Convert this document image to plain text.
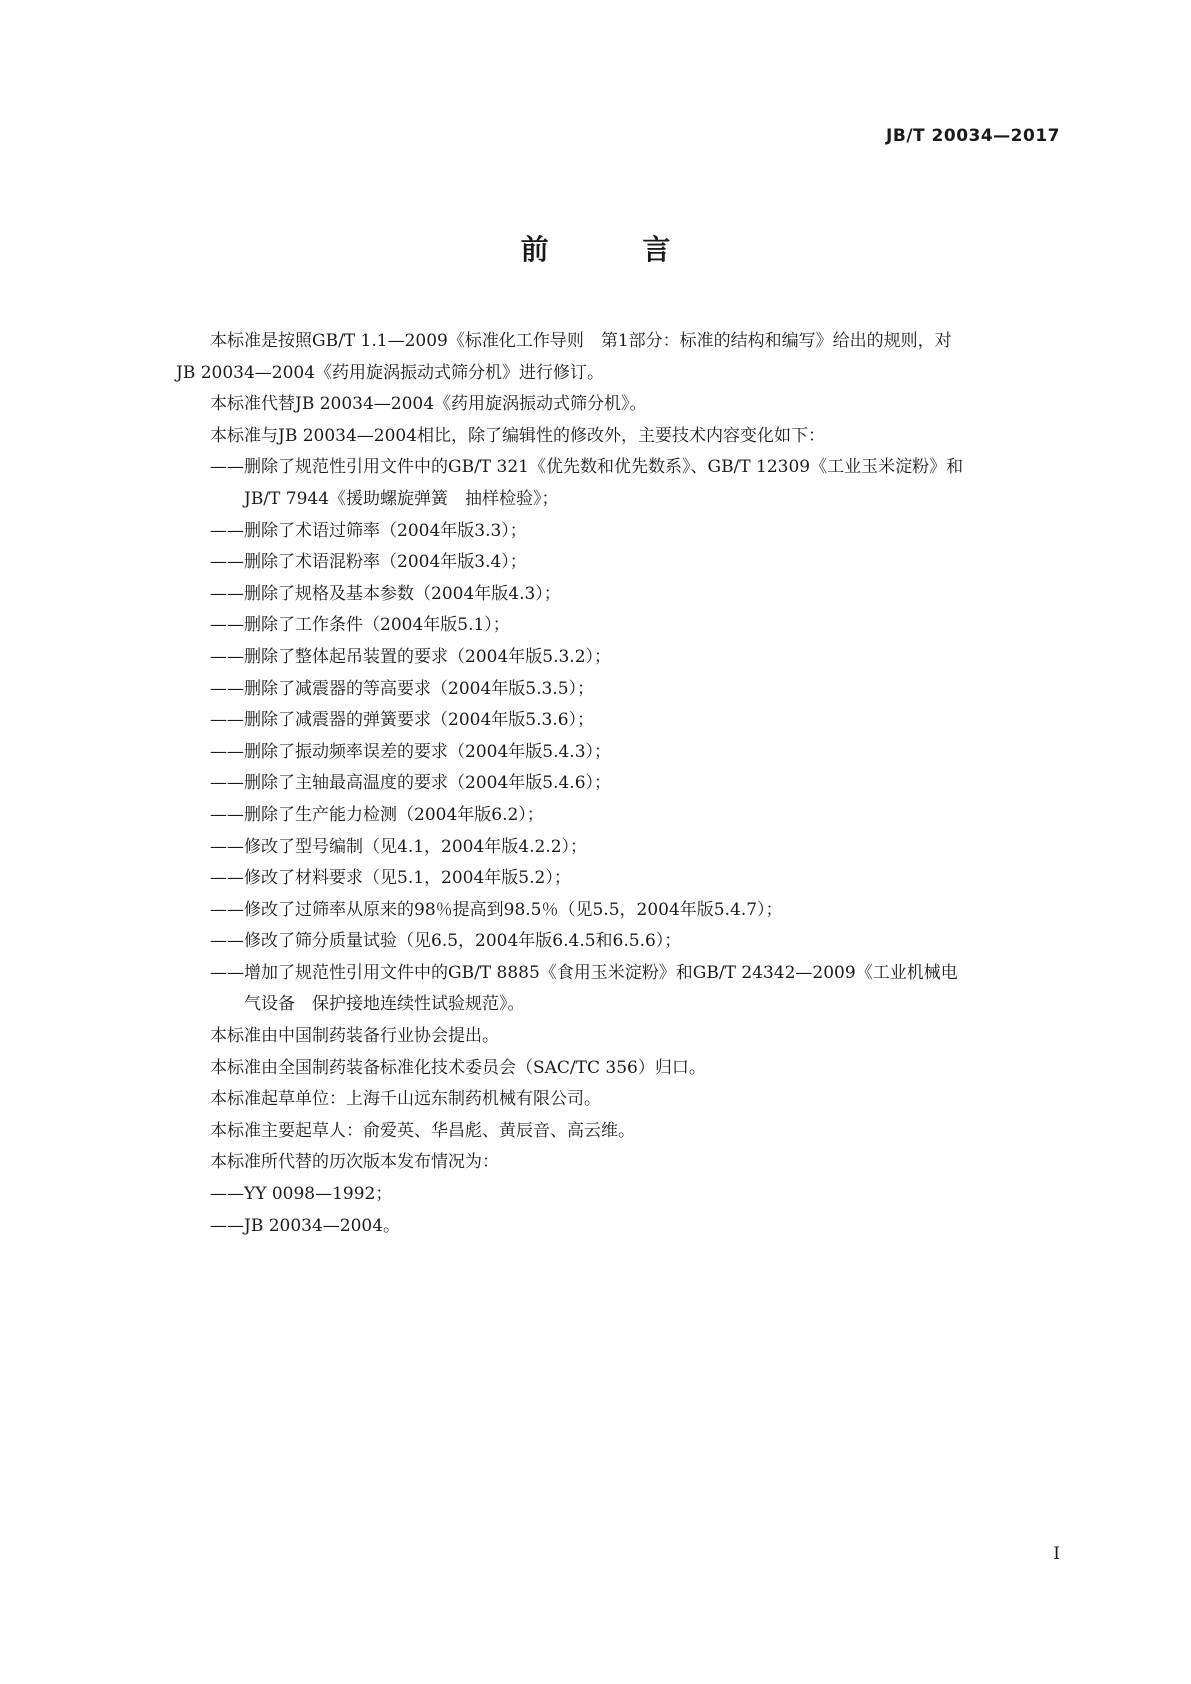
JB/T 20034—2017
前 言

本标准是按照GB/T 1.1—2009《标准化工作导则　第1部分：标准的结构和编写》给出的规则，对
JB 20034—2004《药用旋涡振动式筛分机》进行修订。

本标准代替JB 20034—2004《药用旋涡振动式筛分机》。

本标准与JB 20034—2004相比，除了编辑性的修改外，主要技术内容变化如下：

——删除了规范性引用文件中的GB/T 321《优先数和优先数系》、GB/T 12309《工业玉米淀粉》和
JB/T 7944《援助螺旋弹簧　抽样检验》；
——删除了术语过筛率（2004年版3.3）；
——删除了术语混粉率（2004年版3.4）；
——删除了规格及基本参数（2004年版4.3）；
——删除了工作条件（2004年版5.1）；
——删除了整体起吊装置的要求（2004年版5.3.2）；
——删除了减震器的等高要求（2004年版5.3.5）；
——删除了减震器的弹簧要求（2004年版5.3.6）；
——删除了振动频率误差的要求（2004年版5.4.3）；
——删除了主轴最高温度的要求（2004年版5.4.6）；
——删除了生产能力检测（2004年版6.2）；
——修改了型号编制（见4.1，2004年版4.2.2）；
——修改了材料要求（见5.1，2004年版5.2）；
——修改了过筛率从原来的98％提高到98.5％（见5.5，2004年版5.4.7）；
——修改了筛分质量试验（见6.5，2004年版6.4.5和6.5.6）；
——增加了规范性引用文件中的GB/T 8885《食用玉米淀粉》和GB/T 24342—2009《工业机械电
气设备　保护接地连续性试验规范》。

本标准由中国制药装备行业协会提出。

本标准由全国制药装备标准化技术委员会（SAC/TC 356）归口。

本标准起草单位：上海千山远东制药机械有限公司。

本标准主要起草人：俞爱英、华昌彪、黄辰音、高云维。

本标准所代替的历次版本发布情况为：

——YY 0098—1992；
——JB 20034—2004。
I
